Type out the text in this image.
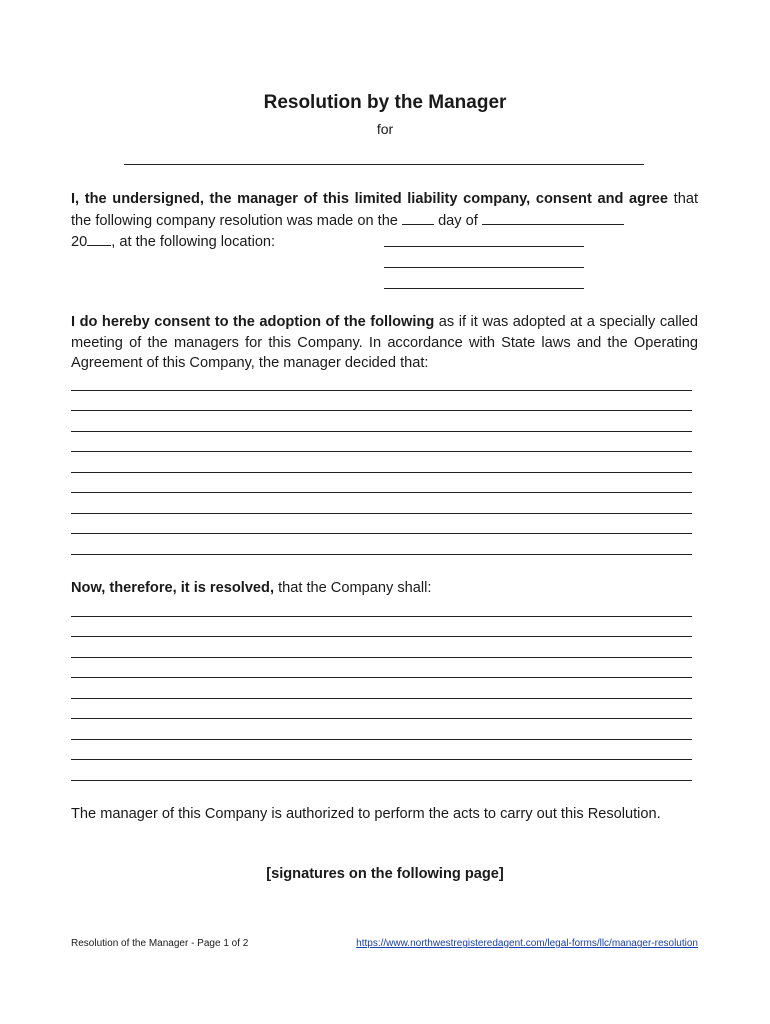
Resolution by the Manager
for
I, the undersigned, the manager of this limited liability company, consent and agree that the following company resolution was made on the	day of
20 , at the following location:
I do hereby consent to the adoption of the following as if it was adopted at a specially called meeting of the managers for this Company. In accordance with State laws and the Operating Agreement of this Company, the manager decided that:
Now, therefore, it is resolved, that the Company shall:
The manager of this Company is authorized to perform the acts to carry out this Resolution.
[signatures on the following page]
Resolution of the Manager - Page 1 of 2	https://www.northwestregisteredagent.com/legal-forms/llc/manager-resolution
